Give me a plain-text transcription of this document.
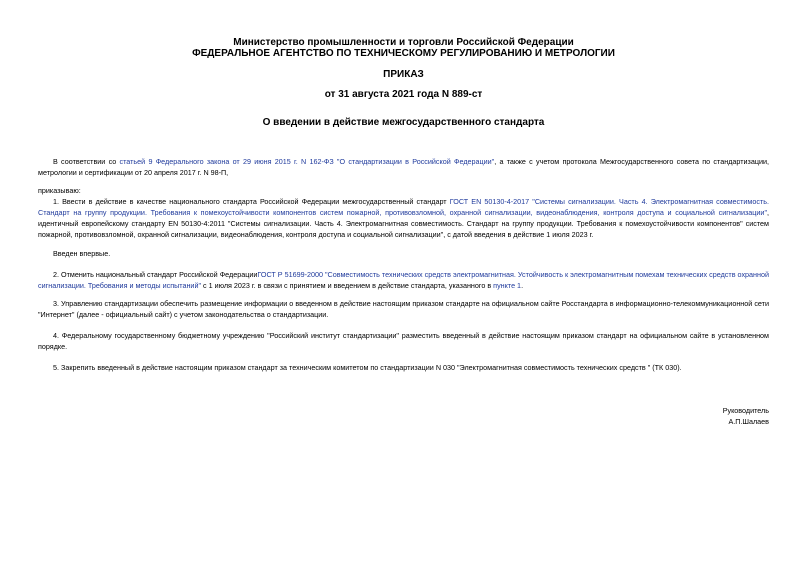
Министерство промышленности и торговли Российской Федерации
ФЕДЕРАЛЬНОЕ АГЕНТСТВО ПО ТЕХНИЧЕСКОМУ РЕГУЛИРОВАНИЮ И МЕТРОЛОГИИ
ПРИКАЗ
от 31 августа 2021 года N 889-ст
О введении в действие межгосударственного стандарта
В соответствии со статьей 9 Федерального закона от 29 июня 2015 г. N 162-ФЗ "О стандартизации в Российской Федерации", а также с учетом протокола Межгосударственного совета по стандартизации, метрологии и сертификации от 20 апреля 2017 г. N 98-П,
приказываю:
1. Ввести в действие в качестве национального стандарта Российской Федерации межгосударственный стандарт ГОСТ EN 50130-4-2017 "Системы сигнализации. Часть 4. Электромагнитная совместимость. Стандарт на группу продукции. Требования к помехоустойчивости компонентов систем пожарной, противовзломной, охранной сигнализации, видеонаблюдения, контроля доступа и социальной сигнализации", идентичный европейскому стандарту EN 50130-4:2011 "Системы сигнализации. Часть 4. Электромагнитная совместимость. Стандарт на группу продукции. Требования к помехоустойчивости компонентов" систем пожарной, противовзломной, охранной сигнализации, видеонаблюдения, контроля доступа и социальной сигнализации", с датой введения в действие 1 июля 2023 г.
Введен впервые.
2. Отменить национальный стандарт Российской ФедерацииГОСТ Р 51699-2000 "Совместимость технических средств электромагнитная. Устойчивость к электромагнитным помехам технических средств охранной сигнализации. Требования и методы испытаний" с 1 июля 2023 г. в связи с принятием и введением в действие стандарта, указанного в пункте 1.
3. Управлению стандартизации обеспечить размещение информации о введенном в действие настоящим приказом стандарте на официальном сайте Росстандарта в информационно-телекоммуникационной сети "Интернет" (далее - официальный сайт) с учетом законодательства о стандартизации.
4. Федеральному государственному бюджетному учреждению "Российский институт стандартизации" разместить введенный в действие настоящим приказом стандарт на официальном сайте в установленном порядке.
5. Закрепить введенный в действие настоящим приказом стандарт за техническим комитетом по стандартизации N 030 "Электромагнитная совместимость технических средств " (ТК 030).
Руководитель
А.П.Шалаев
